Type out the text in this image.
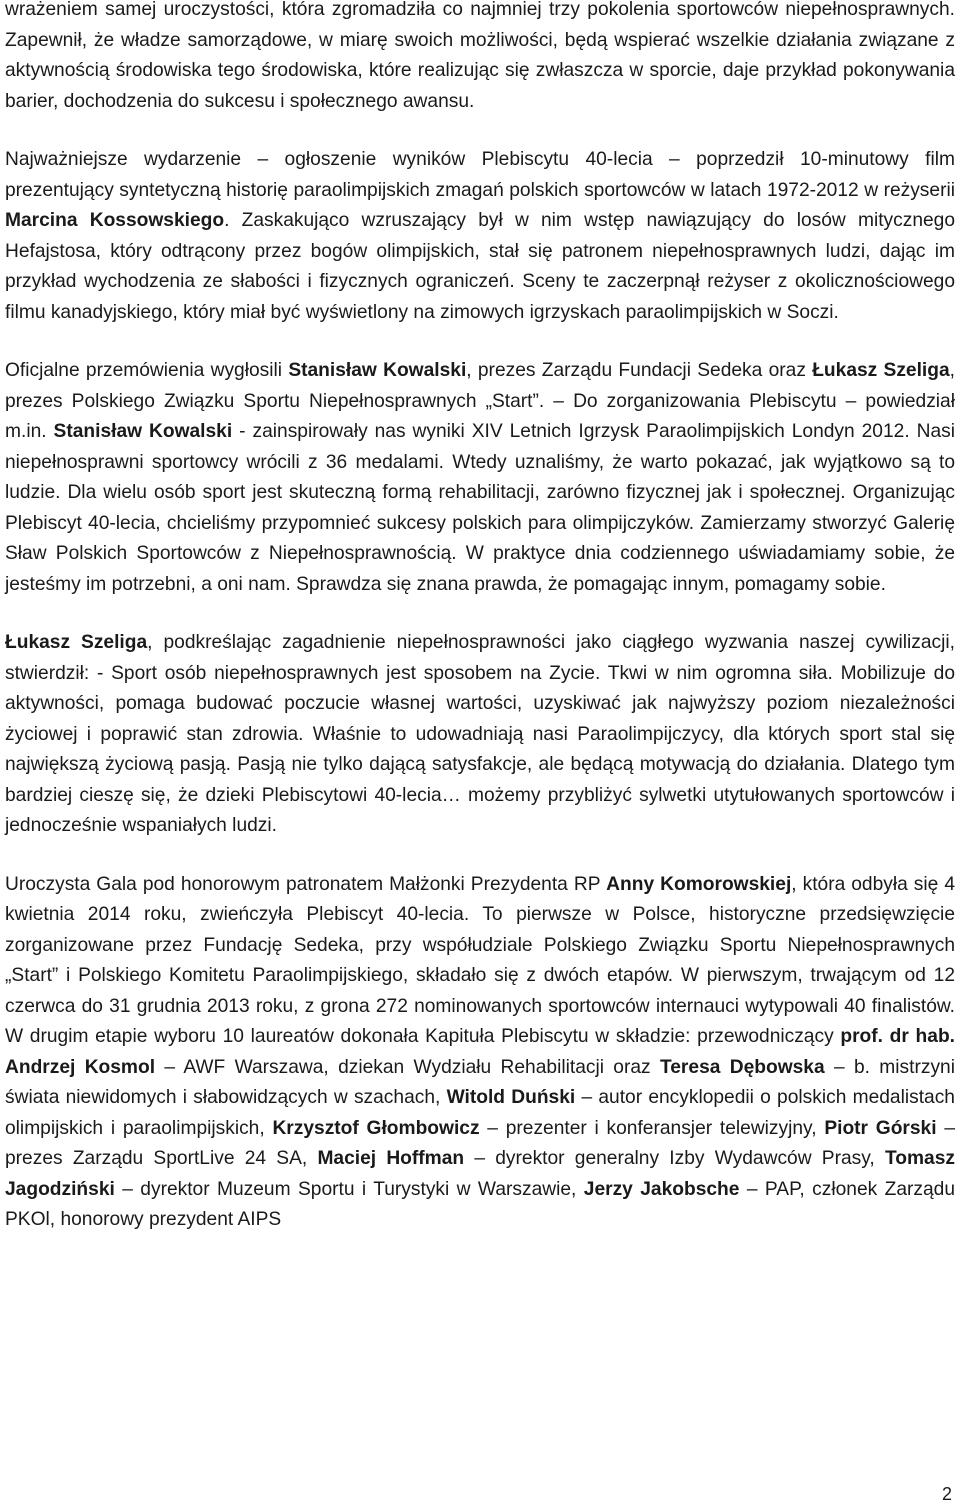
wrażeniem samej uroczystości, która zgromadziła co najmniej trzy pokolenia sportowców niepełnosprawnych. Zapewnił, że władze samorządowe, w miarę swoich możliwości, będą wspierać wszelkie działania związane z aktywnością środowiska tego środowiska, które realizując się zwłaszcza w sporcie, daje przykład pokonywania barier, dochodzenia do sukcesu i społecznego awansu.

Najważniejsze wydarzenie – ogłoszenie wyników Plebiscytu 40-lecia – poprzedził 10-minutowy film prezentujący syntetyczną historię paraolimpijskich zmagań polskich sportowców w latach 1972-2012 w reżyserii Marcina Kossowskiego. Zaskakująco wzruszający był w nim wstęp nawiązujący do losów mitycznego Hefajstosa, który odtrącony przez bogów olimpijskich, stał się patronem niepełnosprawnych ludzi, dając im przykład wychodzenia ze słabości i fizycznych ograniczeń. Sceny te zaczerpnął reżyser z okolicznościowego filmu kanadyjskiego, który miał być wyświetlony na zimowych igrzyskach paraolimpijskich w Soczi.

Oficjalne przemówienia wygłosili Stanisław Kowalski, prezes Zarządu Fundacji Sedeka oraz Łukasz Szeliga, prezes Polskiego Związku Sportu Niepełnosprawnych „Start”. – Do zorganizowania Plebiscytu – powiedział m.in. Stanisław Kowalski - zainspirowały nas wyniki XIV Letnich Igrzysk Paraolimpijskich Londyn 2012. Nasi niepełnosprawni sportowcy wrócili z 36 medalami. Wtedy uznaliśmy, że warto pokazać, jak wyjątkowo są to ludzie. Dla wielu osób sport jest skuteczną formą rehabilitacji, zarówno fizycznej jak i społecznej. Organizując Plebiscyt 40-lecia, chcieliśmy przypomnieć sukcesy polskich para olimpijczyków. Zamierzamy stworzyć Galerię Sław Polskich Sportowców z Niepełnosprawnością. W praktyce dnia codziennego uświadamiamy sobie, że jesteśmy im potrzebni, a oni nam. Sprawdza się znana prawda, że pomagając innym, pomagamy sobie.

Łukasz Szeliga, podkreślając zagadnienie niepełnosprawności jako ciągłego wyzwania naszej cywilizacji, stwierdził: - Sport osób niepełnosprawnych jest sposobem na Zycie. Tkwi w nim ogromna siła. Mobilizuje do aktywności, pomaga budować poczucie własnej wartości, uzyskiwać jak najwyższy poziom niezależności życiowej i poprawić stan zdrowia. Właśnie to udowadniają nasi Paraolimpijczycy, dla których sport stal się największą życiową pasją. Pasją nie tylko dającą satysfakcje, ale będącą motywacją do działania. Dlatego tym bardziej cieszę się, że dzieki Plebiscytowi 40-lecia… możemy przybliżyć sylwetki utytułowanych sportowców i jednocześnie wspaniałych ludzi.

Uroczysta Gala pod honorowym patronatem Małżonki Prezydenta RP Anny Komorowskiej, która odbyła się 4 kwietnia 2014 roku, zwieńczyła Plebiscyt 40-lecia. To pierwsze w Polsce, historyczne przedsięwzięcie zorganizowane przez Fundację Sedeka, przy współudziale Polskiego Związku Sportu Niepełnosprawnych „Start” i Polskiego Komitetu Paraolimpijskiego, składało się z dwóch etapów. W pierwszym, trwającym od 12 czerwca do 31 grudnia 2013 roku, z grona 272 nominowanych sportowców internauci wytypowali 40 finalistów. W drugim etapie wyboru 10 laureatów dokonała Kapituła Plebiscytu w składzie: przewodniczący prof. dr hab. Andrzej Kosmol – AWF Warszawa, dziekan Wydziału Rehabilitacji oraz Teresa Dębowska – b. mistrzyni świata niewidomych i słabowidzących w szachach, Witold Duński – autor encyklopedii o polskich medalistach olimpijskich i paraolimpijskich, Krzysztof Głombowicz – prezenter i konferansjer telewizyjny, Piotr Górski – prezes Zarządu SportLive 24 SA, Maciej Hoffman – dyrektor generalny Izby Wydawców Prasy, Tomasz Jagodziński – dyrektor Muzeum Sportu i Turystyki w Warszawie, Jerzy Jakobsche – PAP, członek Zarządu PKOl, honorowy prezydent AIPS

2
